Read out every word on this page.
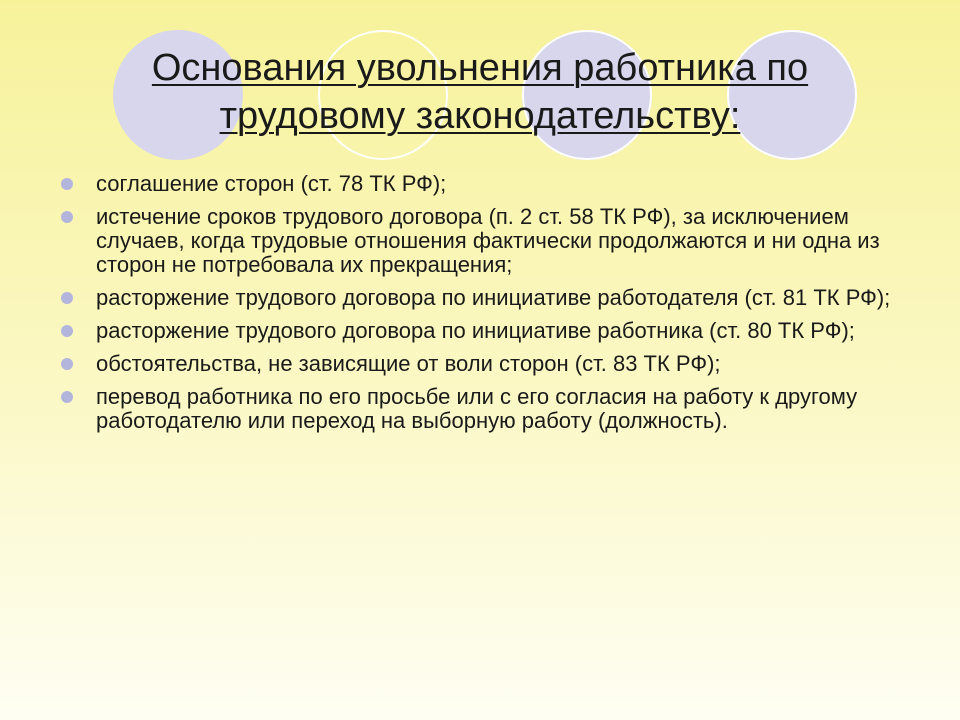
Основания увольнения работника по трудовому законодательству:
соглашение сторон (ст. 78 ТК РФ);
истечение сроков трудового договора (п. 2 ст. 58 ТК РФ), за исключением случаев, когда трудовые отношения фактически продолжаются и ни одна из сторон не потребовала их прекращения;
расторжение трудового договора по инициативе работодателя (ст. 81 ТК РФ);
расторжение трудового договора по инициативе работника (ст. 80 ТК РФ);
обстоятельства, не зависящие от воли сторон (ст. 83 ТК РФ);
перевод работника по его просьбе или с его согласия на работу к другому работодателю или переход на выборную работу (должность).
